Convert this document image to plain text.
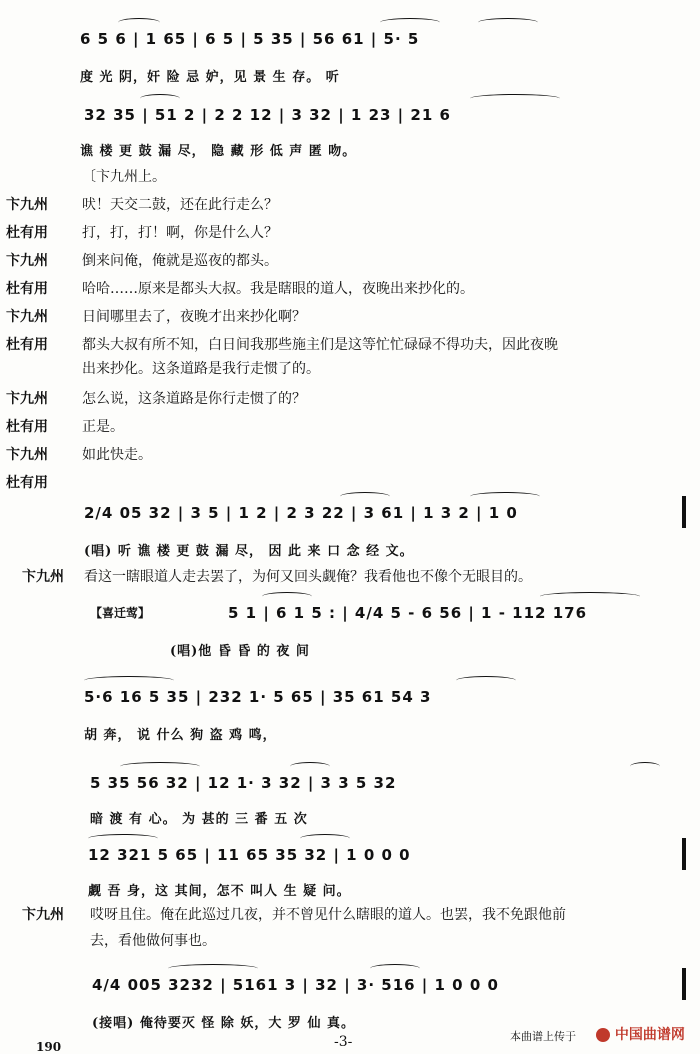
6 5 6 | 1 65 | 6 5 | 5 35 | 56 61 | 5· 5
度 光 阴，奸 险 忌 妒，见 景 生 存。 听
32 35 | 51 2 | 2 2 12 | 3 32 | 1 23 | 21 6
谯 楼 更 鼓 漏 尽， 隐 藏 形 低 声 匿 吻。
〔卞九州上。
卞九州 吠！天交二鼓，还在此行走么？
杜有用 打，打，打！啊，你是什么人？
卞九州 倒来问俺，俺就是巡夜的都头。
杜有用 哈哈……原来是都头大叔。我是瞎眼的道人，夜晚出来抄化的。
卞九州 日间哪里去了，夜晚才出来抄化啊？
杜有用 都头大叔有所不知，白日间我那些施主们是这等忙忙碌碌不得功夫，因此夜晚
出来抄化。这条道路是我行走惯了的。
卞九州 怎么说，这条道路是你行走惯了的？
杜有用 正是。
卞九州 如此快走。
杜有用
2/4 05 32 | 3 5 | 1 2 | 2 3 22 | 3 61 | 1 3 2 | 1 0
(唱) 听 谯 楼 更 鼓 漏 尽， 因 此 来 口 念 经 文。
卞九州 看这一瞎眼道人走去罢了，为何又回头觑俺？我看他也不像个无眼目的。
【喜迁莺】	5 1 | 6 1 5 : | 4/4 5 - 6 56 | 1 - 112 176
(唱)他 昏 昏 的 夜 间
5·6 16 5 35 | 232 1· 5 65 | 35 61 54 3
胡 奔， 说 什么 狗 盗 鸡 鸣，
5 35 56 32 | 12 1· 3 32 | 3 3 5 32
暗 渡 有 心。 为 甚的 三 番 五 次
12 321 5 65 | 11 65 35 32 | 1 0 0 0
觑 吾 身，这 其间，怎不 叫人 生 疑 问。
卞九州 哎呀且住。俺在此巡过几夜，并不曾见什么瞎眼的道人。也罢，我不免跟他前
去，看他做何事也。
4/4 005 3232 | 5161 3 | 32 | 3· 516 | 1 0 0 0
(接唱) 俺待要灭 怪 除 妖，大 罗 仙 真。
190	-3-	本曲谱上传于	中国曲谱网
